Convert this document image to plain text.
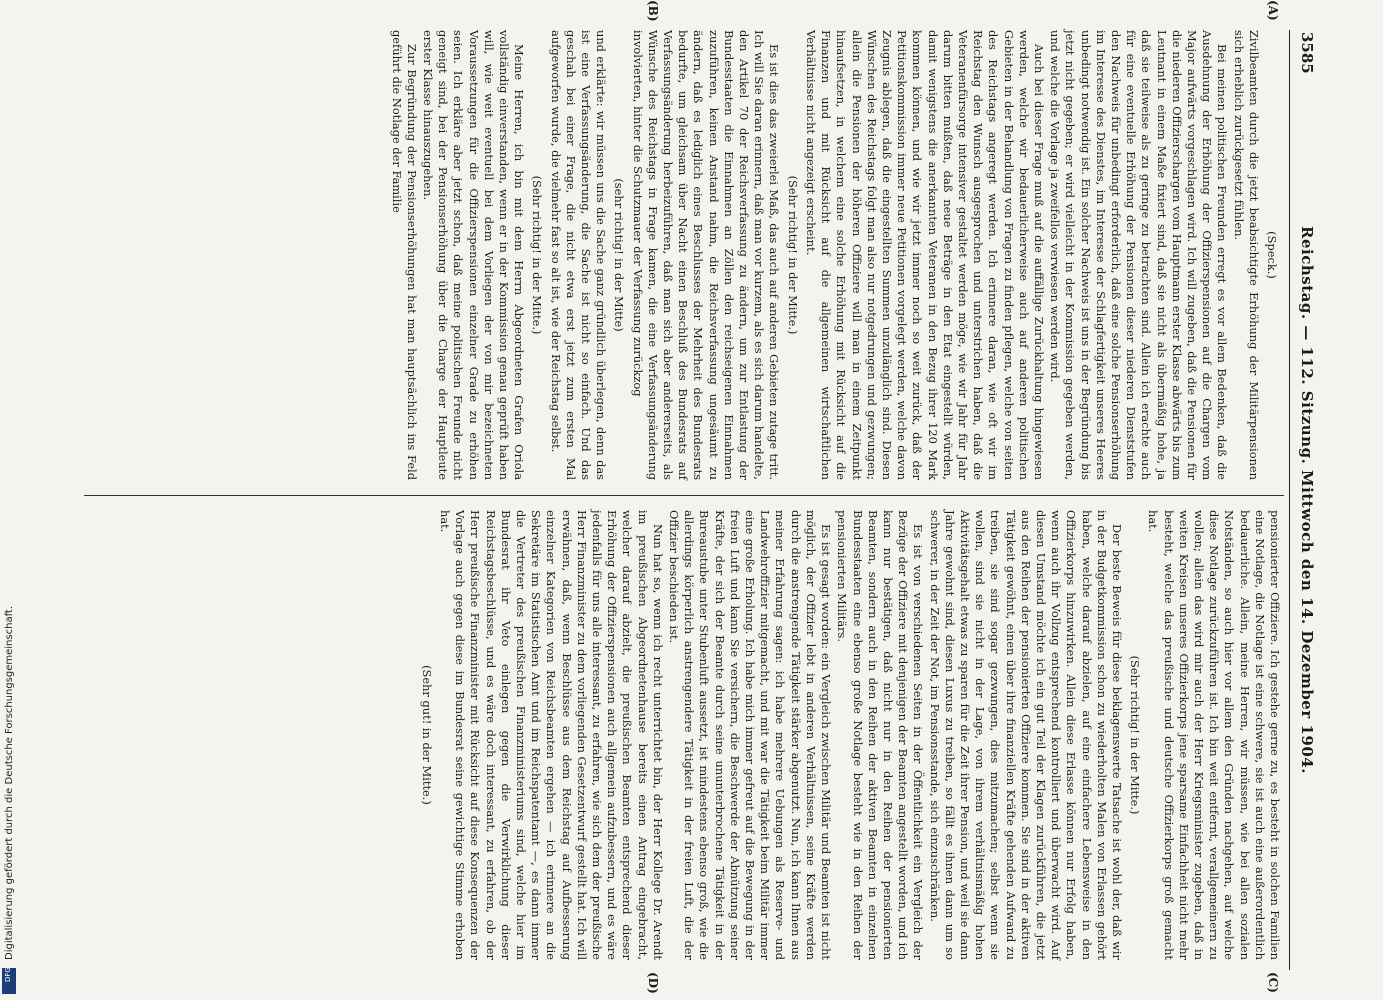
Reichstag. — 112. Sitzung. Mittwoch den 14. Dezember 1904.
3585
(A)
(B)
(C)
(D)

(Speck.)

Zivilbeamten durch die jetzt beabsichtigte Erhöhung der Militärpensionen sich erheblich zurückgesetzt fühlen.

Bei meinen politischen Freunden erregt es vor allem Bedenken, daß die Ausdehnung der Erhöhung der Offizierspensionen auf die Chargen vom Major aufwärts vorgeschlagen wird. Ich will zugeben, daß die Pensionen für die niederen Offizierschargen vom Hauptmann erster Klasse abwärts bis zum Leutnant in einem Maße fixiert sind, daß sie nicht als übermäßig hohe, ja daß sie teilweise als zu geringe zu betrachten sind. Allein ich erachte auch für eine eventuelle Erhöhung der Pensionen dieser niederen Dienststufen den Nachweis für unbedingt erforderlich, daß eine solche Pensionserhöhung im Interesse des Dienstes, im Interesse der Schlagfertigkeit unseres Heeres unbedingt notwendig ist. Ein solcher Nachweis ist uns in der Begründung bis jetzt nicht gegeben; er wird vielleicht in der Kommission gegeben werden, und welche die Vorlage ja zweifellos verwiesen werden wird.

Auch bei dieser Frage muß auf die auffällige Zurückhaltung hingewiesen werden, welche wir bedauerlicherweise auch auf anderen politischen Gebieten in der Behandlung von Fragen zu finden pflegen, welche von seiten des Reichstags angeregt werden. Ich erinnere daran, wie oft wir im Reichstag den Wunsch ausgesprochen und unterstrichen haben, daß die Veteranenfürsorge intensiver gestaltet werden möge, wie wir Jahr für Jahr darum bitten mußten, daß neue Beträge in den Etat eingestellt würden, damit wenigstens die anerkannten Veteranen in den Bezug ihrer 120 Mark kommen können, und wie wir jetzt immer noch so weit zurück, daß der Petitionskommission immer neue Petitionen vorgelegt werden, welche davon Zeugnis ablegen, daß die eingestellten Summen unzulänglich sind. Diesen Wünschen des Reichstags folgt man also nur notgedrungen und gezwungen; allein die Pensionen der höheren Offiziere will man in einem Zeitpunkt hinaufsetzen, in welchem eine solche Erhöhung mit Rücksicht auf die Finanzen und mit Rücksicht auf die allgemeinen wirtschaftlichen Verhältnisse nicht angezeigt erscheint.

(Sehr richtig! in der Mitte.)

Es ist dies das zweierlei Maß, das auch auf anderen Gebieten zutage tritt. Ich will Sie daran erinnern, daß man vor kurzem, als es sich darum handelte, den Artikel 70 der Reichsverfassung zu ändern, um zur Entlastung der Bundesstaaten die Einnahmen an Zöllen den reichseigenen Einnahmen zuzuführen, keinen Anstand nahm, die Reichsverfassung ungesäumt zu ändern, daß es lediglich eines Beschlusses der Mehrheit des Bundesrats bedurfte, um gleichsam über Nacht einen Beschluß des Bundesrats auf Verfassungsänderung herbeizuführen, daß man sich aber andererseits, als Wünsche des Reichstags in Frage kamen, die eine Verfassungsänderung involvierten, hinter die Schutzmauer der Verfassung zurückzog

(sehr richtig! in der Mitte)

und erklärte: wir müssen uns die Sache ganz gründlich überlegen, denn das ist eine Verfassungsänderung, die Sache ist nicht so einfach. Und das geschah bei einer Frage, die nicht etwa erst jetzt zum ersten Mal aufgeworfen wurde, die vielmehr fast so alt ist, wie der Reichstag selbst.

(Sehr richtig! in der Mitte.)

Meine Herren, ich bin mit dem Herrn Abgeordneten Grafen Oriola vollständig einverstanden, wenn er in der Kommission genau geprüft haben will, wie weit eventuell bei dem Vorliegen der von mir bezeichneten Voraussetzungen für die Offizierspensionen einzelner Grade zu erhöhen seien. Ich erkläre aber jetzt schon, daß meine politischen Freunde nicht geneigt sind, bei der Pensionserhöhung über die Charge der Hauptleute erster Klasse hinauszugehen.

Zur Begründung der Pensionserhöhungen hat man hauptsächlich ins Feld geführt die Notlage der Familie

pensionierter Offiziere. Ich gestehe gerne zu, es besteht in solchen Familien eine Notlage, die Notlage ist eine schwere, sie ist auch eine außerordentlich bedauerliche. Allein, meine Herren, wir müssen, wie bei allen sozialen Notständen, so auch hier vor allem den Gründen nachgehen, auf welche diese Notlage zurückzuführen ist. Ich bin weit entfernt, verallgemeinern zu wollen; allein das wird mir auch der Herr Kriegsminister zugeben, daß in weiten Kreisen unseres Offizierkorps jene sparsame Einfachheit nicht mehr besteht, welche das preußische und deutsche Offizierkorps groß gemacht hat.

(Sehr richtig! in der Mitte.)

Der beste Beweis für diese beklagenswerte Tatsache ist wohl der, daß wir in der Budgetkommission schon zu wiederholten Malen von Erlassen gehört haben, welche darauf abzielen, auf eine einfachere Lebensweise in den Offizierkorps hinzuwirken. Allein diese Erlasse können nur Erfolg haben, wenn auch ihr Vollzug entsprechend kontrolliert und überwacht wird. Auf diesen Umstand möchte ich ein gut Teil der Klagen zurückführen, die jetzt aus den Reihen der pensionierten Offiziere kommen. Sie sind in der aktiven Tätigkeit gewöhnt, einen über ihre finanziellen Kräfte gehenden Aufwand zu treiben, sie sind sogar gezwungen, dies mitzumachen; selbst wenn sie wollen, sind sie nicht in der Lage, von ihrem verhältnismäßig hohen Aktivitätsgehalt etwas zu sparen für die Zeit ihrer Pension, und weil sie dann Jahre gewohnt sind, diesen Luxus zu treiben, so fällt es ihnen dann um so schwerer, in der Zeit der Not, im Pensionsstande, sich einzuschränken.

Es ist von verschiedenen Seiten in der Öffentlichkeit ein Vergleich der Bezüge der Offiziere mit denjenigen der Beamten angestellt worden, und ich kann nur bestätigen, daß nicht nur in den Reihen der pensionierten Beamten, sondern auch in den Reihen der aktiven Beamten in einzelnen Bundesstaaten eine ebenso große Notlage besteht wie in den Reihen der pensionierten Militärs.

Es ist gesagt worden: ein Vergleich zwischen Militär und Beamten ist nicht möglich, der Offizier lebt in anderen Verhältnissen, seine Kräfte werden durch die anstrengende Tätigkeit stärker abgenutzt. Nun, ich kann Ihnen aus meiner Erfahrung sagen: ich habe mehrere Uebungen als Reserve- und Landwehroffizier mitgemacht, und mit war die Tätigkeit beim Militär immer eine große Erholung. Ich habe mich immer gefreut auf die Bewegung in der freien Luft und kann Sie versichern, die Beschwerde der Abnützung seiner Kräfte, der sich der Beamte durch seine ununterbrochene Tätigkeit in der Bureaustube unter Stubenluft aussetzt, ist mindestens ebenso groß, wie die allerdings körperlich anstrengendere Tätigkeit in der freien Luft, die der Offizier beschieden ist.

Nun hat so, wenn ich recht unterrichtet bin, der Herr Kollege Dr. Arendt im preußischen Abgeordnetenhause bereits einen Antrag eingebracht, welcher darauf abzielt, die preußischen Beamten entsprechend dieser Erhöhung der Offizierspensionen auch allgemein aufzubessern, und es wäre jedenfalls für uns alle interessant, zu erfahren, wie sich dem der preußische Herr Finanzminister zu dem vorliegenden Gesetzentwurf gestellt hat. Ich will erwähnen, daß, wenn Beschlüsse aus dem Reichstag auf Aufbesserung einzelner Kategorien von Reichsbeamten ergehen — ich erinnere an die Sekretäre im Statistischen Amt und im Reichspatentamt —, es dann immer die Vertreter des preußischen Finanzministeriums sind, welche hier im Bundesrat ihr Veto einlegen gegen die Verwirklichung dieser Reichstagsbeschlüsse, und es wäre doch interessant, zu erfahren, ob der Herr preußische Finanzminister mit Rücksicht auf diese Konsequenzen der Vorlage auch gegen diese im Bundesrat seine gewichtige Stimme erhoben hat.

(Sehr gut! in der Mitte.)

Digitalisierung gefördert durch die Deutsche Forschungsgemeinschaft.
DFG
